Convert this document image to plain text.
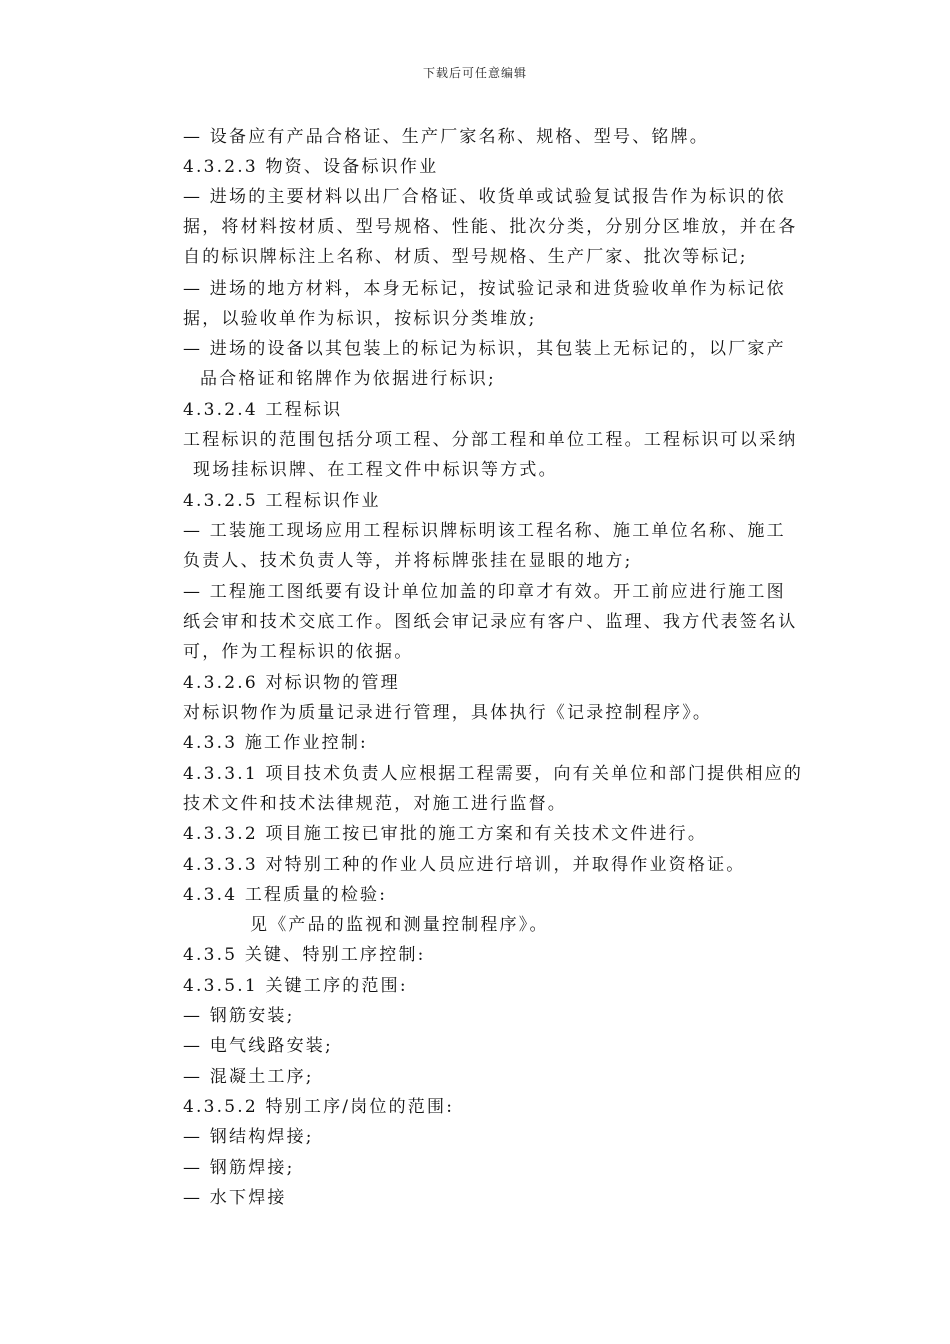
下载后可任意编辑
— 设备应有产品合格证、生产厂家名称、规格、型号、铭牌。
4.3.2.3 物资、设备标识作业
— 进场的主要材料以出厂合格证、收货单或试验复试报告作为标识的依
据，将材料按材质、型号规格、性能、批次分类，分别分区堆放，并在各
自的标识牌标注上名称、材质、型号规格、生产厂家、批次等标记;
— 进场的地方材料，本身无标记，按试验记录和进货验收单作为标记依
据，以验收单作为标识，按标识分类堆放;
— 进场的设备以其包装上的标记为标识，其包装上无标记的，以厂家产
品合格证和铭牌作为依据进行标识;
4.3.2.4 工程标识
工程标识的范围包括分项工程、分部工程和单位工程。工程标识可以采纳
现场挂标识牌、在工程文件中标识等方式。
4.3.2.5 工程标识作业
— 工装施工现场应用工程标识牌标明该工程名称、施工单位名称、施工
负责人、技术负责人等，并将标牌张挂在显眼的地方;
— 工程施工图纸要有设计单位加盖的印章才有效。开工前应进行施工图
纸会审和技术交底工作。图纸会审记录应有客户、监理、我方代表签名认
可，作为工程标识的依据。
4.3.2.6 对标识物的管理
对标识物作为质量记录进行管理，具体执行《记录控制程序》。
4.3.3 施工作业控制:
4.3.3.1 项目技术负责人应根据工程需要，向有关单位和部门提供相应的
技术文件和技术法律规范，对施工进行监督。
4.3.3.2 项目施工按已审批的施工方案和有关技术文件进行。
4.3.3.3 对特别工种的作业人员应进行培训，并取得作业资格证。
4.3.4 工程质量的检验:
见《产品的监视和测量控制程序》。
4.3.5 关键、特别工序控制:
4.3.5.1 关键工序的范围:
— 钢筋安装;
— 电气线路安装;
— 混凝土工序;
4.3.5.2 特别工序/岗位的范围:
— 钢结构焊接;
— 钢筋焊接;
— 水下焊接
